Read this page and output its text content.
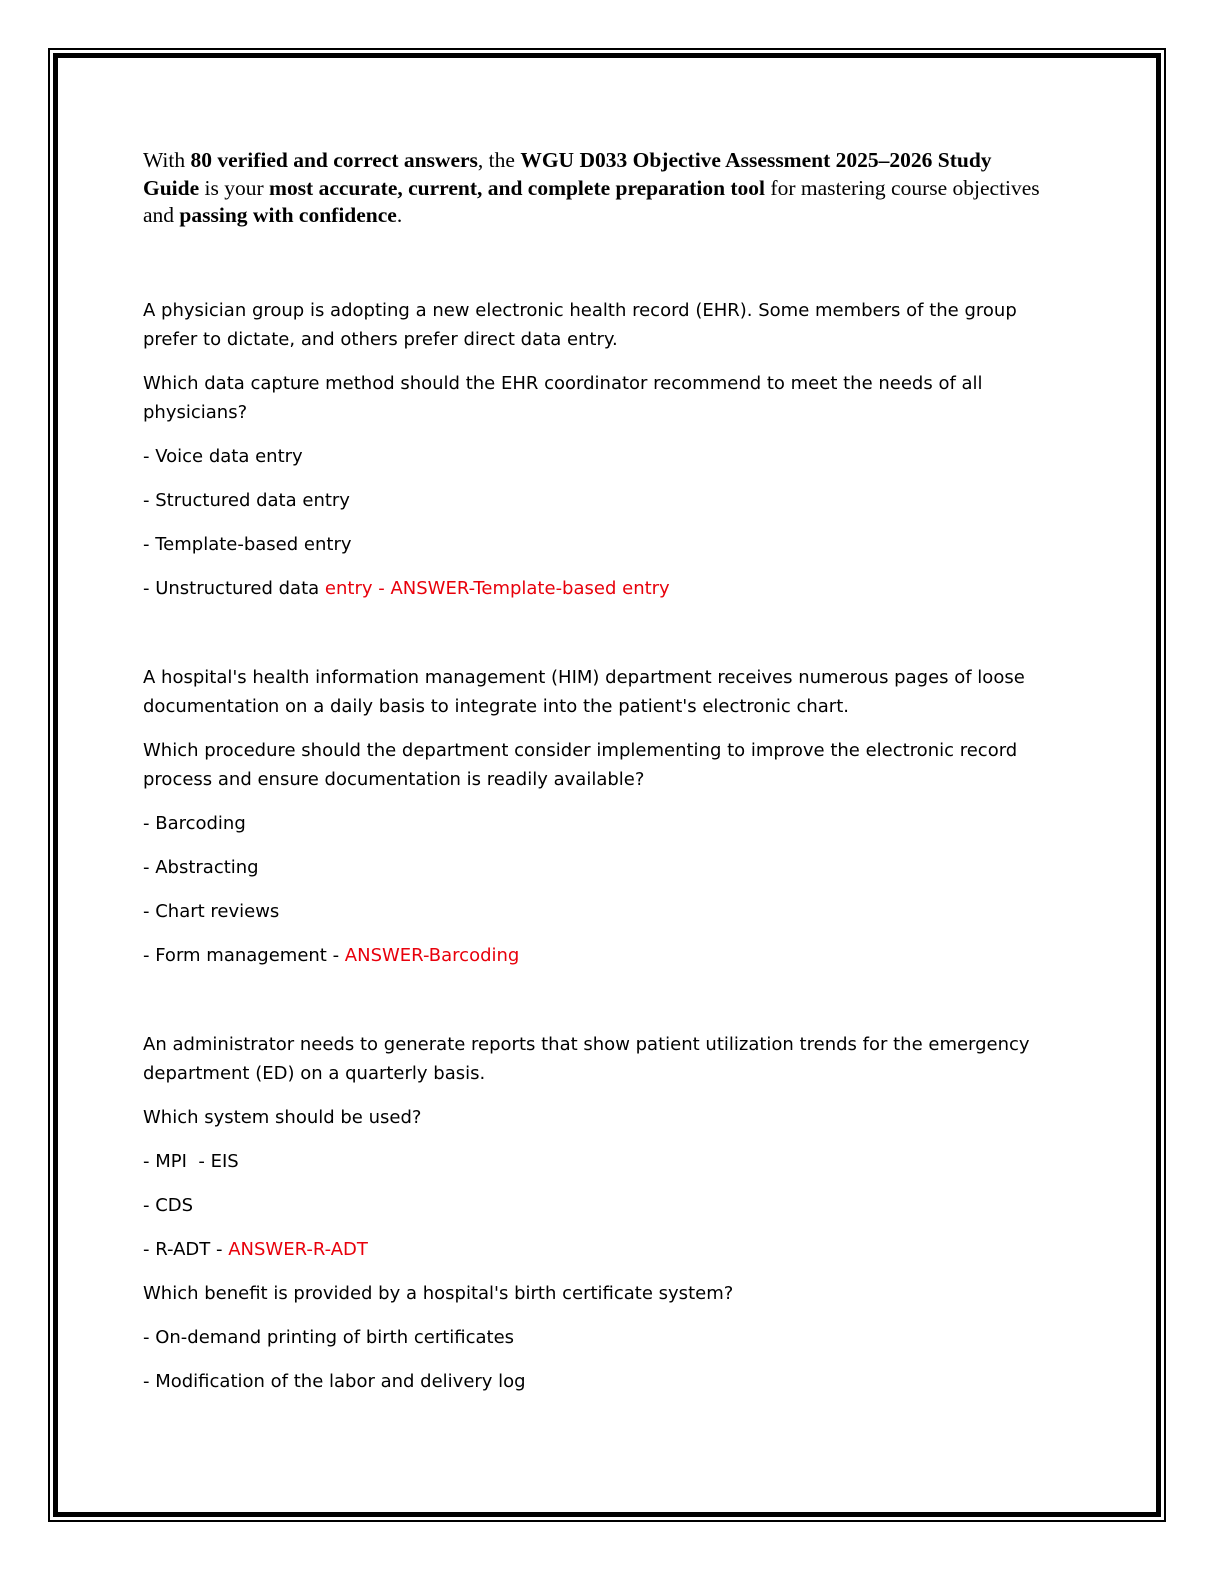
With 80 verified and correct answers, the WGU D033 Objective Assessment 2025–2026 Study Guide is your most accurate, current, and complete preparation tool for mastering course objectives and passing with confidence.

A physician group is adopting a new electronic health record (EHR). Some members of the group prefer to dictate, and others prefer direct data entry.

Which data capture method should the EHR coordinator recommend to meet the needs of all physicians?

- Voice data entry

- Structured data entry

- Template-based entry

- Unstructured data entry - ANSWER-Template-based entry

A hospital's health information management (HIM) department receives numerous pages of loose documentation on a daily basis to integrate into the patient's electronic chart.

Which procedure should the department consider implementing to improve the electronic record process and ensure documentation is readily available?

- Barcoding

- Abstracting

- Chart reviews

- Form management - ANSWER-Barcoding

An administrator needs to generate reports that show patient utilization trends for the emergency department (ED) on a quarterly basis.

Which system should be used?

- MPI  - EIS

- CDS

- R-ADT - ANSWER-R-ADT

Which benefit is provided by a hospital's birth certificate system?

- On-demand printing of birth certificates

- Modification of the labor and delivery log
